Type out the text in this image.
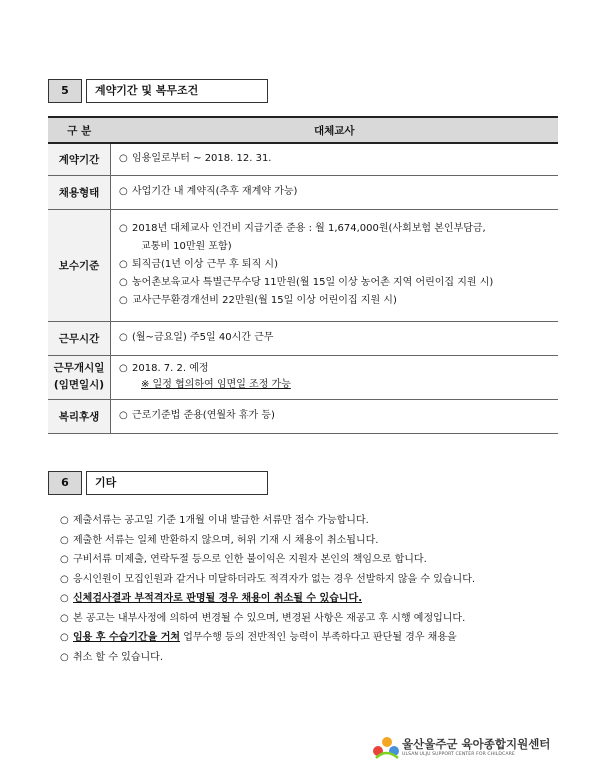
5	계약기간 및 복무조건
구 분	대체교사
계약기간	○ 임용일로부터 ~ 2018. 12. 31.

채용형태	○ 사업기간 내 계약직(추후 재계약 가능)

보수기준	○ 2018년 대체교사 인건비 지급기준 준용 : 월 1,674,000원(사회보험 본인부담금,
교통비 10만원 포함)
○ 퇴직금(1년 이상 근무 후 퇴직 시)
○ 농어촌보육교사 특별근무수당 11만원(월 15일 이상 농어촌 지역 어린이집 지원 시)
○ 교사근무환경개선비 22만원(월 15일 이상 어린이집 지원 시)

근무시간	○ (월~금요일) 주5일 40시간 근무

근무개시일
(임면일시)	○ 2018. 7. 2. 예정
※ 일정 협의하여 임면일 조정 가능

복리후생	○ 근로기준법 준용(연월차 휴가 등)
6	기타
○ 제출서류는 공고일 기준 1개월 이내 발급한 서류만 접수 가능합니다.
○ 제출한 서류는 일체 반환하지 않으며, 허위 기재 시 채용이 취소됩니다.
○ 구비서류 미제출, 연락두절 등으로 인한 불이익은 지원자 본인의 책임으로 합니다.
○ 응시인원이 모집인원과 같거나 미달하더라도 적격자가 없는 경우 선발하지 않을 수 있습니다.
○ 신체검사결과 부적격자로 판명될 경우 채용이 취소될 수 있습니다.
○ 본 공고는 내부사정에 의하여 변경될 수 있으며, 변경된 사항은 재공고 후 시행 예정입니다.
○ 임용 후 수습기간을 거쳐 업무수행 등의 전반적인 능력이 부족하다고 판단될 경우 채용을
○ 취소 할 수 있습니다.
울산울주군 육아종합지원센터
ULSAN ULJU SUPPORT CENTER FOR CHILDCARE
